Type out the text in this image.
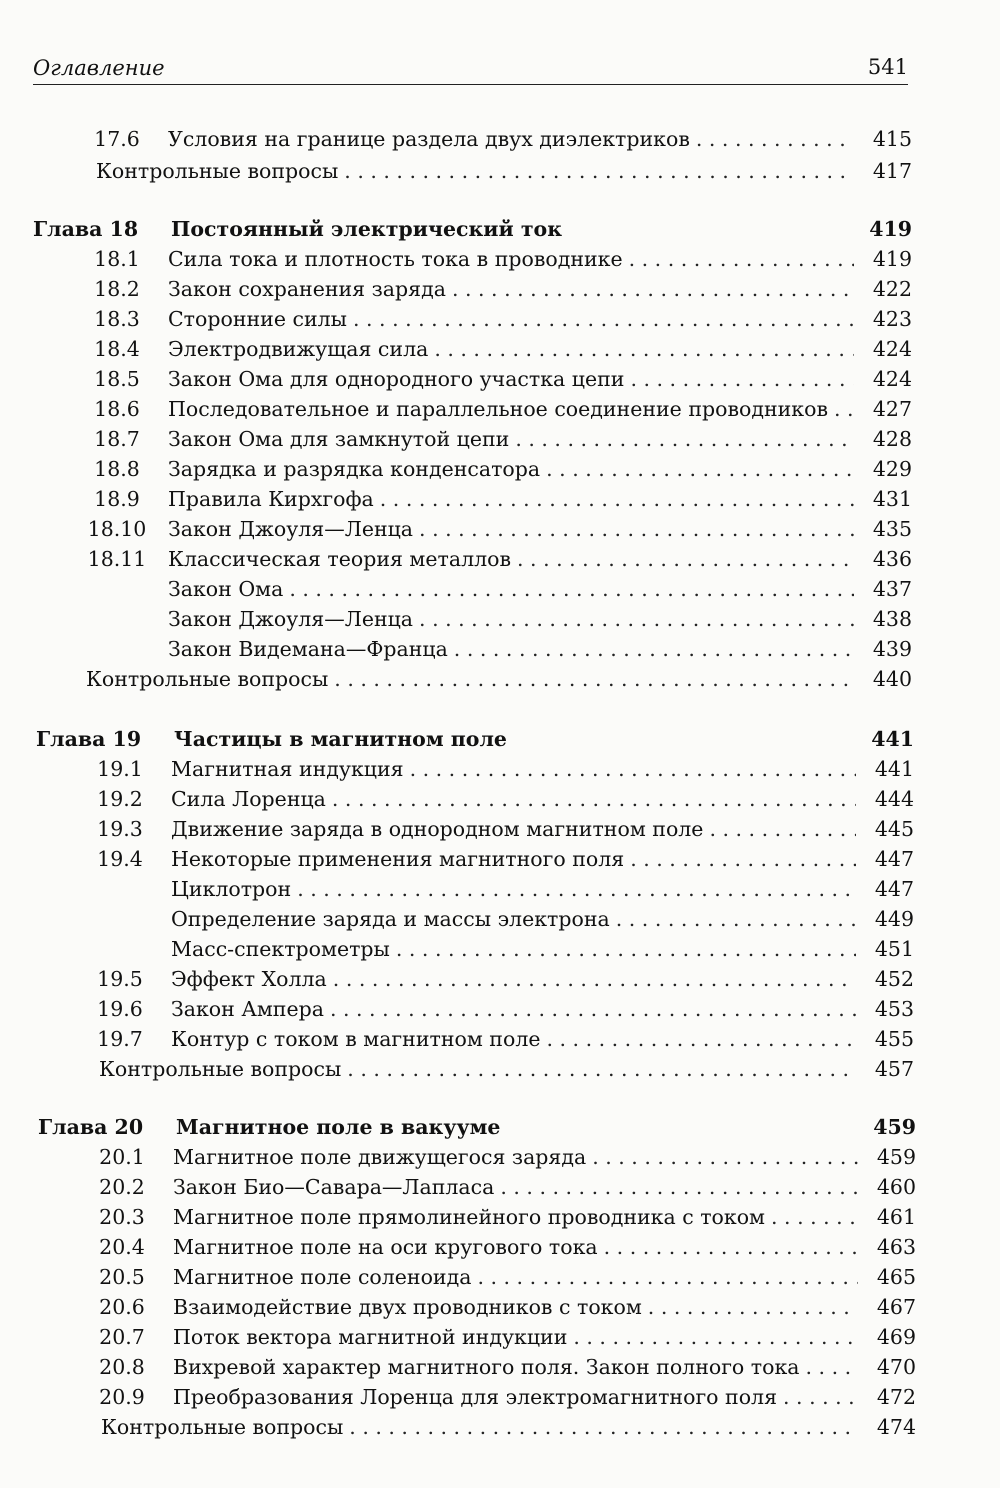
Оглавление	541
17.6	Условия на границе раздела двух диэлектриков . . .	415
Контрольные вопросы . . .	417
Глава 18 Постоянный электрический ток	419
18.1	Сила тока и плотность тока в проводнике . . .	419
18.2	Закон сохранения заряда . . .	422
18.3	Сторонние силы . . .	423
18.4	Электродвижущая сила . . .	424
18.5	Закон Ома для однородного участка цепи . . .	424
18.6	Последовательное и параллельное соединение проводников . . .	427
18.7	Закон Ома для замкнутой цепи . . .	428
18.8	Зарядка и разрядка конденсатора . . .	429
18.9	Правила Кирхгофа . . .	431
18.10 Закон Джоуля—Ленца . . .	435
18.11 Классическая теория металлов . . .	436
Закон Ома . . .	437
Закон Джоуля—Ленца . . .	438
Закон Видемана—Франца . . .	439
Контрольные вопросы . . .	440
Глава 19 Частицы в магнитном поле	441
19.1	Магнитная индукция . . .	441
19.2	Сила Лоренца . . .	444
19.3	Движение заряда в однородном магнитном поле . . .	445
19.4	Некоторые применения магнитного поля . . .	447
Циклотрон . . .	447
Определение заряда и массы электрона . . .	449
Масс-спектрометры . . .	451
19.5	Эффект Холла . . .	452
19.6	Закон Ампера . . .	453
19.7	Контур с током в магнитном поле . . .	455
Контрольные вопросы . . .	457
Глава 20 Магнитное поле в вакууме	459
20.1	Магнитное поле движущегося заряда . . .	459
20.2	Закон Био—Савара—Лапласа . . .	460
20.3	Магнитное поле прямолинейного проводника с током . . .	461
20.4	Магнитное поле на оси кругового тока . . .	463
20.5	Магнитное поле соленоида . . .	465
20.6	Взаимодействие двух проводников с током . . .	467
20.7	Поток вектора магнитной индукции . . .	469
20.8	Вихревой характер магнитного поля. Закон полного тока . . .	470
20.9	Преобразования Лоренца для электромагнитного поля . . .	472
Контрольные вопросы . . .	474
